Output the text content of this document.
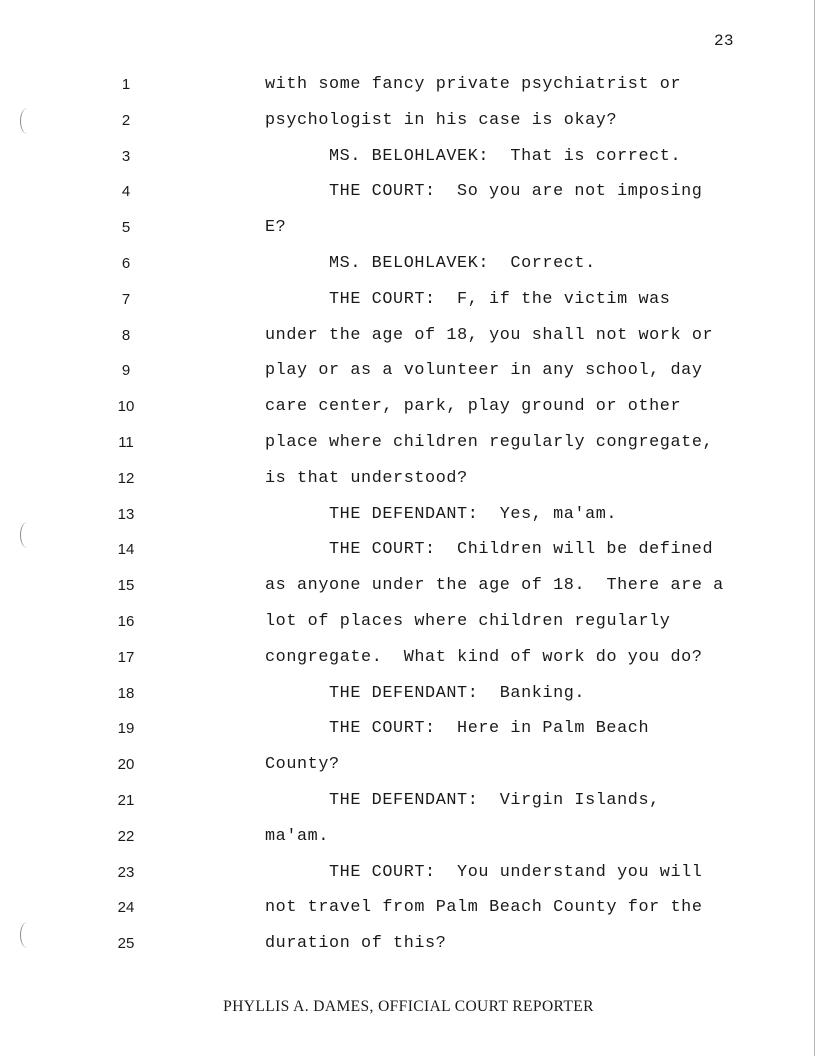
23
1	with some fancy private psychiatrist or
2	psychologist in his case is okay?
3	MS. BELOHLAVEK:  That is correct.
4	THE COURT:  So you are not imposing
5	E?
6	MS. BELOHLAVEK:  Correct.
7	THE COURT:  F, if the victim was
8	under the age of 18, you shall not work or
9	play or as a volunteer in any school, day
10	care center, park, play ground or other
11	place where children regularly congregate,
12	is that understood?
13	THE DEFENDANT:  Yes, ma'am.
14	THE COURT:  Children will be defined
15	as anyone under the age of 18.  There are a
16	lot of places where children regularly
17	congregate.  What kind of work do you do?
18	THE DEFENDANT:  Banking.
19	THE COURT:  Here in Palm Beach
20	County?
21	THE DEFENDANT:  Virgin Islands,
22	ma'am.
23	THE COURT:  You understand you will
24	not travel from Palm Beach County for the
25	duration of this?
PHYLLIS A. DAMES, OFFICIAL COURT REPORTER
